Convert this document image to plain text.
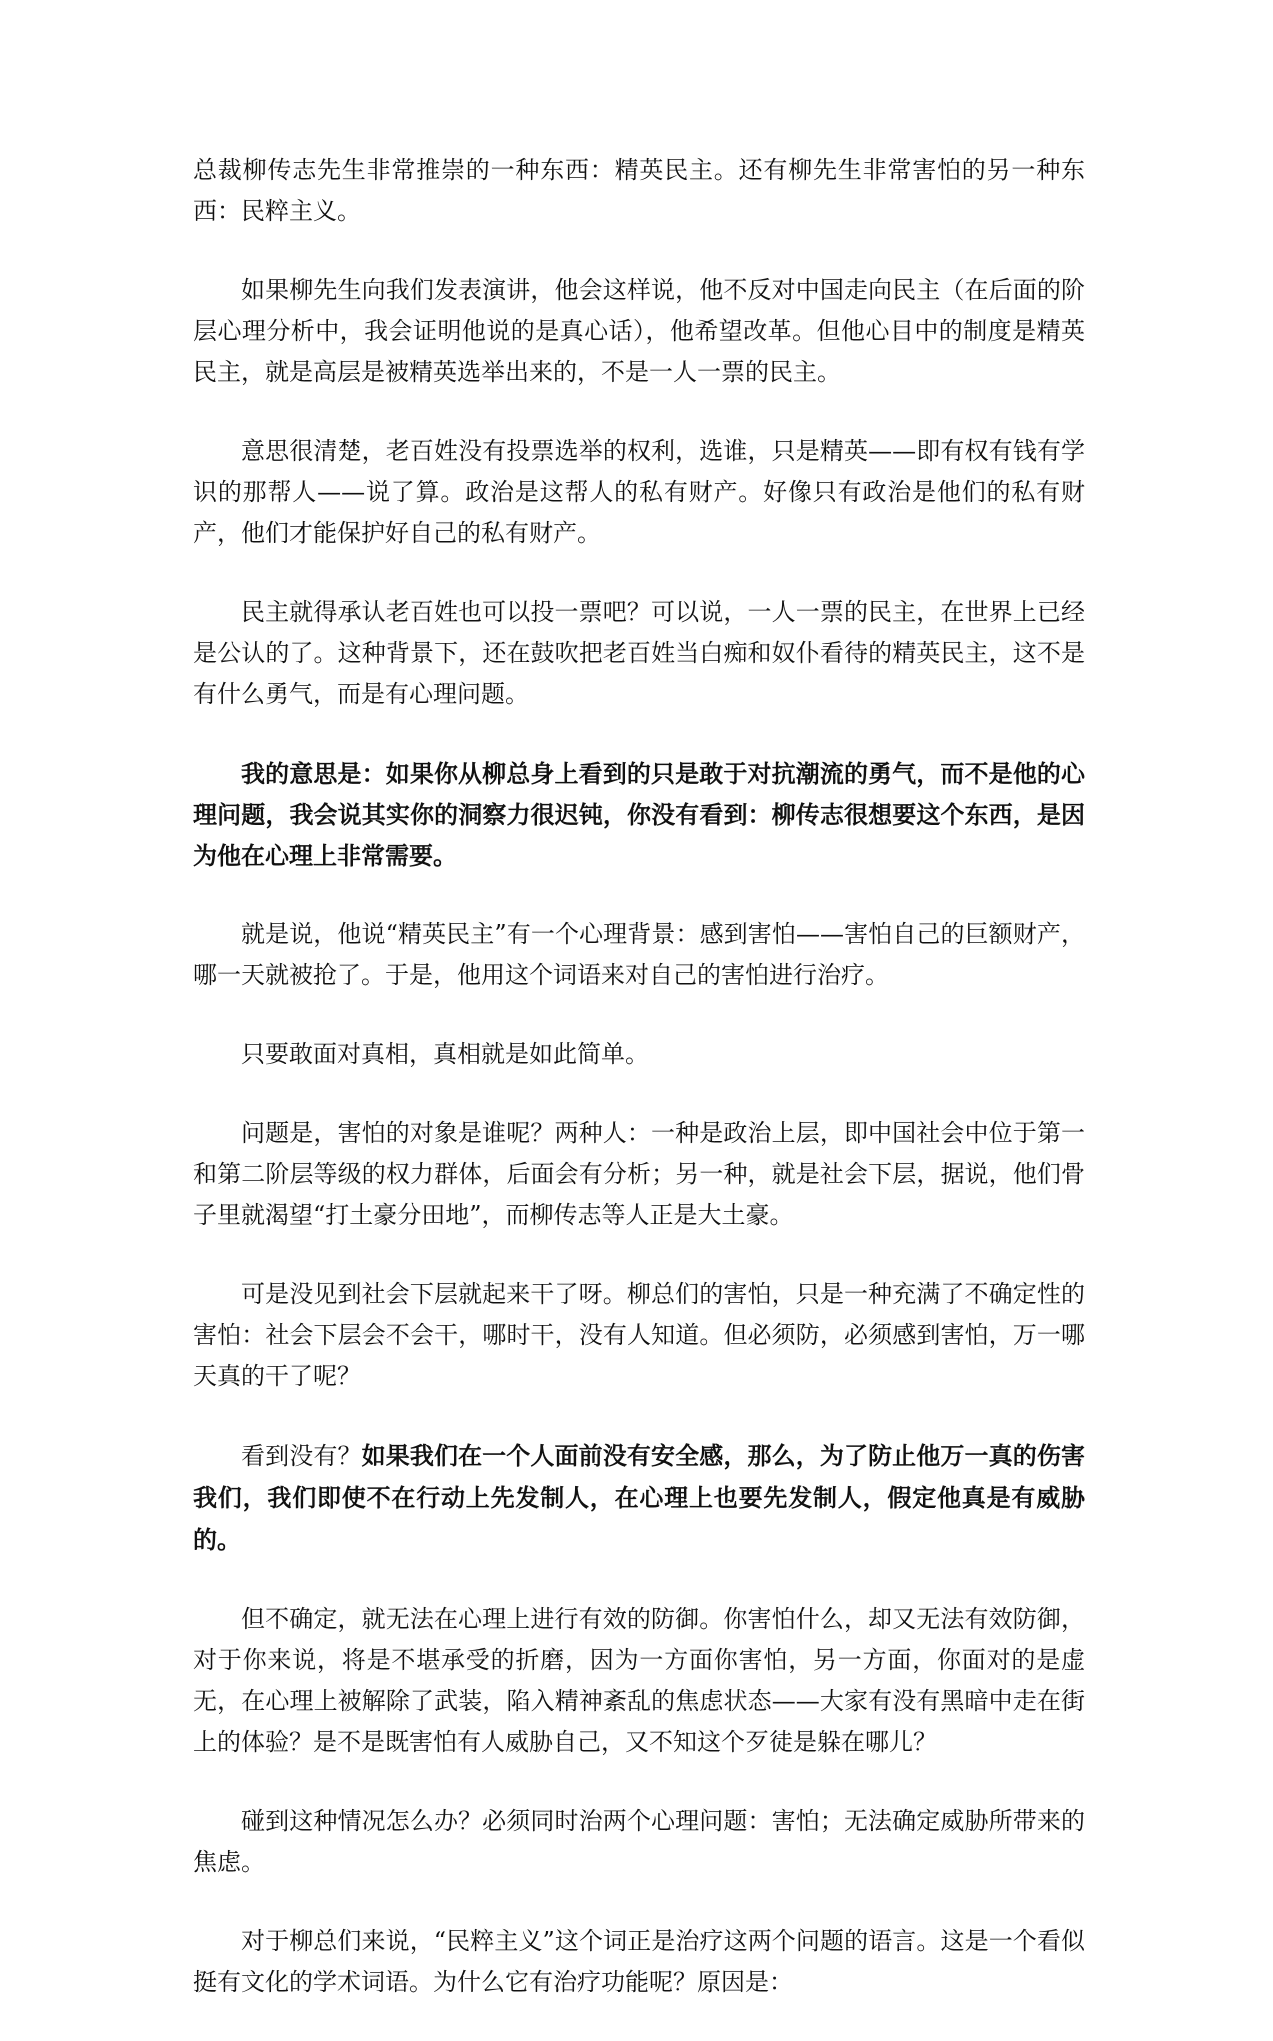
总裁柳传志先生非常推崇的一种东西：精英民主。还有柳先生非常害怕的另一种东西：民粹主义。

如果柳先生向我们发表演讲，他会这样说，他不反对中国走向民主（在后面的阶层心理分析中，我会证明他说的是真心话），他希望改革。但他心目中的制度是精英民主，就是高层是被精英选举出来的，不是一人一票的民主。

意思很清楚，老百姓没有投票选举的权利，选谁，只是精英——即有权有钱有学识的那帮人——说了算。政治是这帮人的私有财产。好像只有政治是他们的私有财产，他们才能保护好自己的私有财产。

民主就得承认老百姓也可以投一票吧？可以说，一人一票的民主，在世界上已经是公认的了。这种背景下，还在鼓吹把老百姓当白痴和奴仆看待的精英民主，这不是有什么勇气，而是有心理问题。

我的意思是：如果你从柳总身上看到的只是敢于对抗潮流的勇气，而不是他的心理问题，我会说其实你的洞察力很迟钝，你没有看到：柳传志很想要这个东西，是因为他在心理上非常需要。

就是说，他说“精英民主”有一个心理背景：感到害怕——害怕自己的巨额财产，哪一天就被抢了。于是，他用这个词语来对自己的害怕进行治疗。

只要敢面对真相，真相就是如此简单。

问题是，害怕的对象是谁呢？两种人：一种是政治上层，即中国社会中位于第一和第二阶层等级的权力群体，后面会有分析；另一种，就是社会下层，据说，他们骨子里就渴望“打土豪分田地”，而柳传志等人正是大土豪。

可是没见到社会下层就起来干了呀。柳总们的害怕，只是一种充满了不确定性的害怕：社会下层会不会干，哪时干，没有人知道。但必须防，必须感到害怕，万一哪天真的干了呢？

看到没有？如果我们在一个人面前没有安全感，那么，为了防止他万一真的伤害我们，我们即使不在行动上先发制人，在心理上也要先发制人，假定他真是有威胁的。

但不确定，就无法在心理上进行有效的防御。你害怕什么，却又无法有效防御，对于你来说，将是不堪承受的折磨，因为一方面你害怕，另一方面，你面对的是虚无，在心理上被解除了武装，陷入精神紊乱的焦虑状态——大家有没有黑暗中走在街上的体验？是不是既害怕有人威胁自己，又不知这个歹徒是躲在哪儿？

碰到这种情况怎么办？必须同时治两个心理问题：害怕；无法确定威胁所带来的焦虑。

对于柳总们来说，“民粹主义”这个词正是治疗这两个问题的语言。这是一个看似挺有文化的学术词语。为什么它有治疗功能呢？原因是：
